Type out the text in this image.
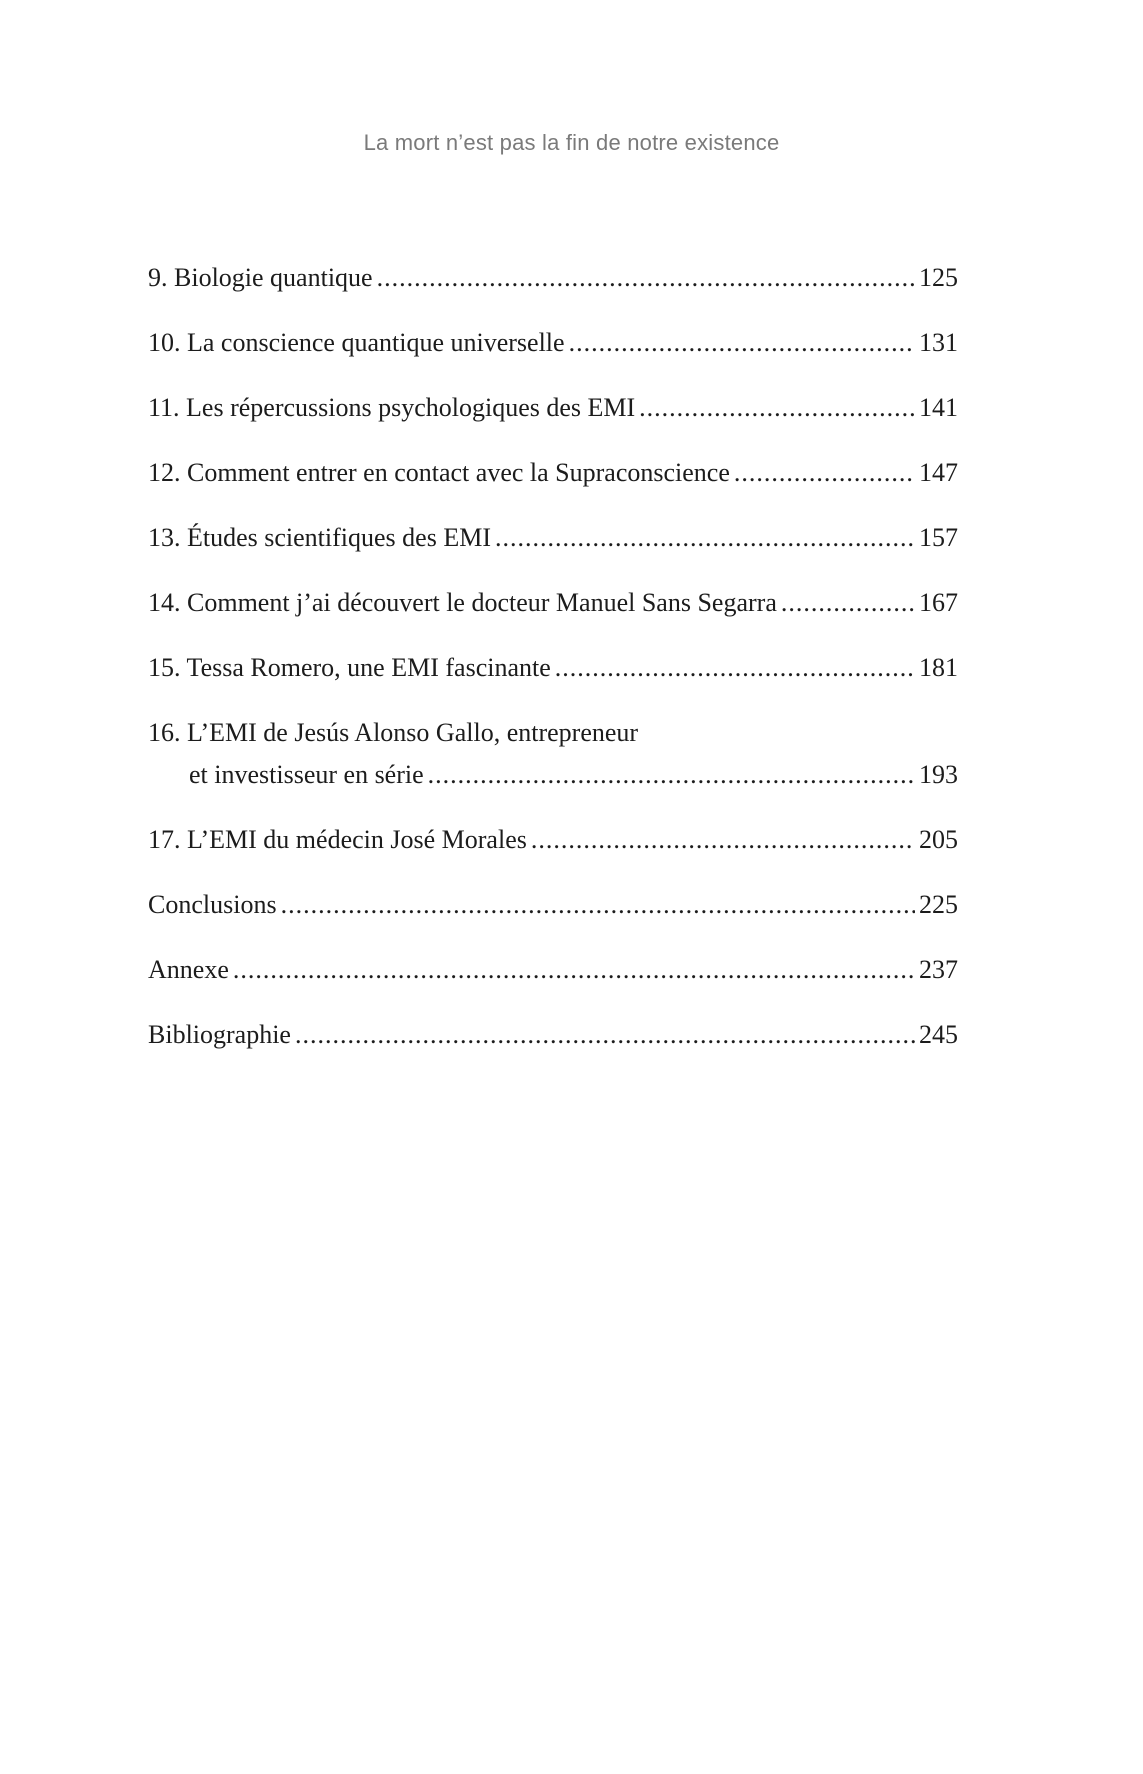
La mort n’est pas la fin de notre existence
9. Biologie quantique .....	125
10. La conscience quantique universelle .....	131
11. Les répercussions psychologiques des EMI .....	141
12. Comment entrer en contact avec la Supraconscience .....	147
13. Études scientifiques des EMI .....	157
14. Comment j’ai découvert le docteur Manuel Sans Segarra .....	167
15. Tessa Romero, une EMI fascinante .....	181
16. L’EMI de Jesús Alonso Gallo, entrepreneur
et investisseur en série .....	193
17. L’EMI du médecin José Morales .....	205
Conclusions .....	225
Annexe .....	237
Bibliographie .....	245
